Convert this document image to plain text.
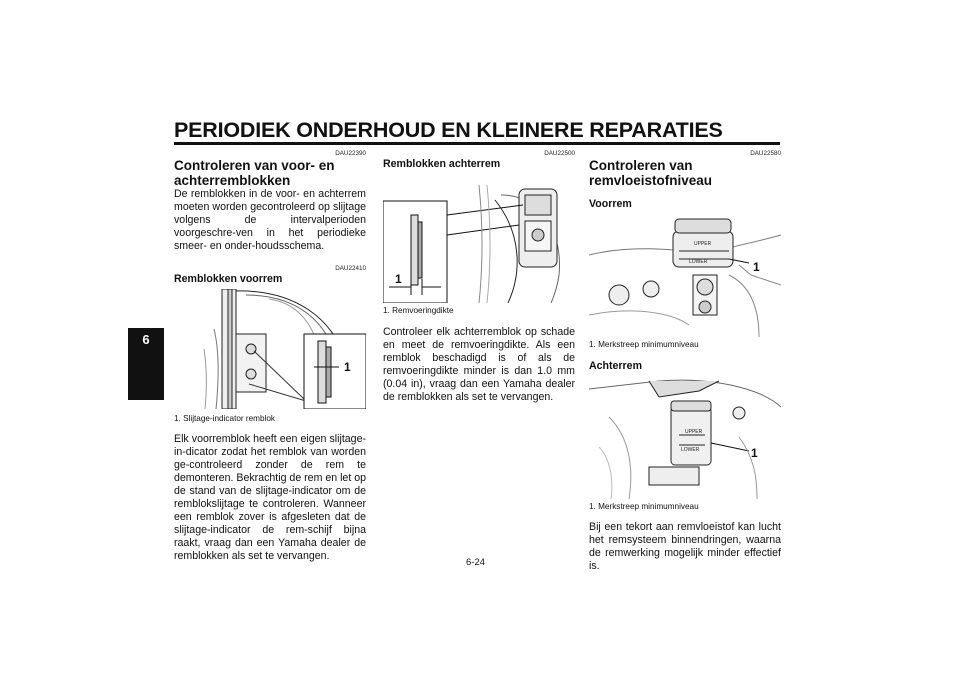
PERIODIEK ONDERHOUD EN KLEINERE REPARATIES
6
DAU22390
Controleren van voor- en achterremblokken

De remblokken in de voor- en achterrem moeten worden gecontroleerd op slijtage volgens de intervalperioden voorgeschre-ven in het periodieke smeer- en onder-houdsschema.

DAU22410
Remblokken voorrem
1

1. Slijtage-indicator remblok

Elk voorremblok heeft een eigen slijtage-in-dicator zodat het remblok van worden ge-controleerd zonder de rem te demonteren. Bekrachtig de rem en let op de stand van de slijtage-indicator om de remblokslijtage te controleren. Wanneer een remblok zover is afgesleten dat de slijtage-indicator de rem-schijf bijna raakt, vraag dan een Yamaha dealer de remblokken als set te vervangen.

DAU22500
Remblokken achterrem
1

1. Remvoeringdikte

Controleer elk achterremblok op schade en meet de remvoeringdikte. Als een remblok beschadigd is of als de remvoeringdikte minder is dan 1.0 mm (0.04 in), vraag dan een Yamaha dealer de remblokken als set te vervangen.

DAU22580
Controleren van remvloeistofniveau
Voorrem
UPPER
LOWER	1

1. Merkstreep minimumniveau

Achterrem
UPPER
LOWER	1

1. Merkstreep minimumniveau

Bij een tekort aan remvloeistof kan lucht het remsysteem binnendringen, waarna de remwerking mogelijk minder effectief is.

6-24
